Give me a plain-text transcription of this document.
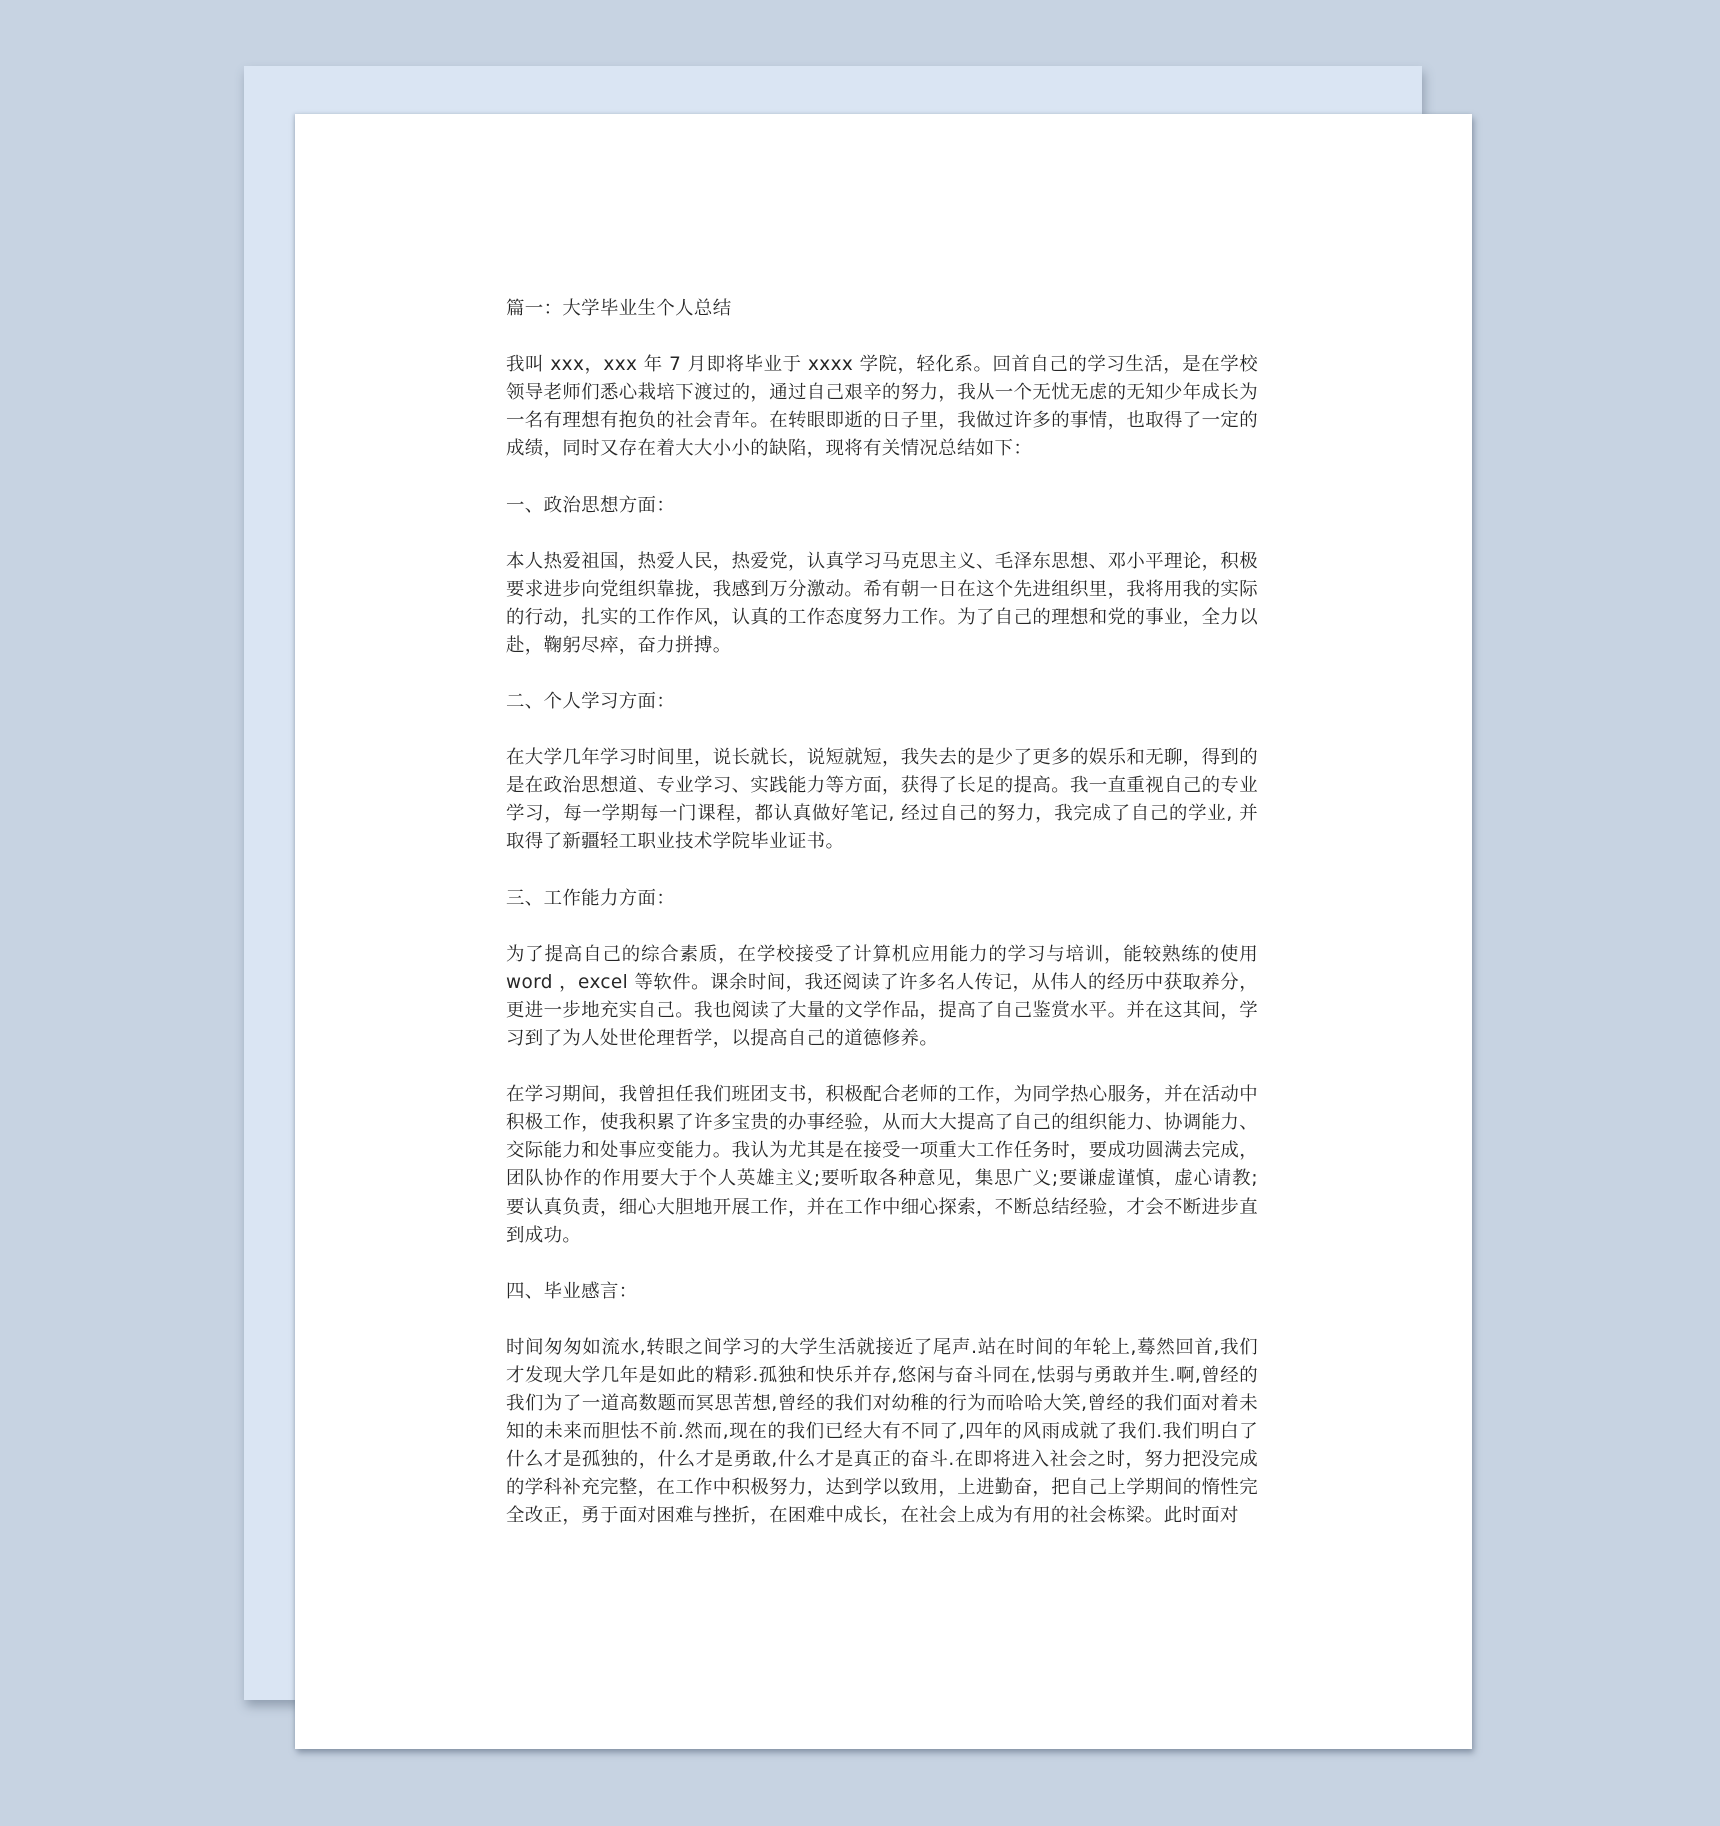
篇一：大学毕业生个人总结

我叫 xxx，xxx 年 7 月即将毕业于 xxxx 学院，轻化系。回首自己的学习生活，是在学校领导老师们悉心栽培下渡过的，通过自己艰辛的努力，我从一个无忧无虑的无知少年成长为一名有理想有抱负的社会青年。在转眼即逝的日子里，我做过许多的事情，也取得了一定的成绩，同时又存在着大大小小的缺陷，现将有关情况总结如下：

一、政治思想方面：

本人热爱祖国，热爱人民，热爱党，认真学习马克思主义、毛泽东思想、邓小平理论，积极要求进步向党组织靠拢，我感到万分激动。希有朝一日在这个先进组织里，我将用我的实际的行动，扎实的工作作风，认真的工作态度努力工作。为了自己的理想和党的事业，全力以赴，鞠躬尽瘁，奋力拼搏。

二、个人学习方面：

在大学几年学习时间里，说长就长，说短就短，我失去的是少了更多的娱乐和无聊，得到的是在政治思想道、专业学习、实践能力等方面，获得了长足的提高。我一直重视自己的专业学习，每一学期每一门课程，都认真做好笔记, 经过自己的努力，我完成了自己的学业, 并取得了新疆轻工职业技术学院毕业证书。

三、工作能力方面：

为了提高自己的综合素质，在学校接受了计算机应用能力的学习与培训，能较熟练的使用 word ，excel 等软件。课余时间，我还阅读了许多名人传记，从伟人的经历中获取养分，更进一步地充实自己。我也阅读了大量的文学作品，提高了自己鉴赏水平。并在这其间，学习到了为人处世伦理哲学，以提高自己的道德修养。

在学习期间，我曾担任我们班团支书，积极配合老师的工作，为同学热心服务，并在活动中积极工作，使我积累了许多宝贵的办事经验，从而大大提高了自己的组织能力、协调能力、交际能力和处事应变能力。我认为尤其是在接受一项重大工作任务时，要成功圆满去完成，团队协作的作用要大于个人英雄主义;要听取各种意见，集思广义;要谦虚谨慎，虚心请教;要认真负责，细心大胆地开展工作，并在工作中细心探索，不断总结经验，才会不断进步直到成功。

四、毕业感言：

时间匆匆如流水,转眼之间学习的大学生活就接近了尾声.站在时间的年轮上,蓦然回首,我们才发现大学几年是如此的精彩.孤独和快乐并存,悠闲与奋斗同在,怯弱与勇敢并生.啊,曾经的我们为了一道高数题而冥思苦想,曾经的我们对幼稚的行为而哈哈大笑,曾经的我们面对着未知的未来而胆怯不前.然而,现在的我们已经大有不同了,四年的风雨成就了我们.我们明白了什么才是孤独的，什么才是勇敢,什么才是真正的奋斗.在即将进入社会之时，努力把没完成的学科补充完整，在工作中积极努力，达到学以致用，上进勤奋，把自己上学期间的惰性完全改正，勇于面对困难与挫折，在困难中成长，在社会上成为有用的社会栋梁。此时面对
